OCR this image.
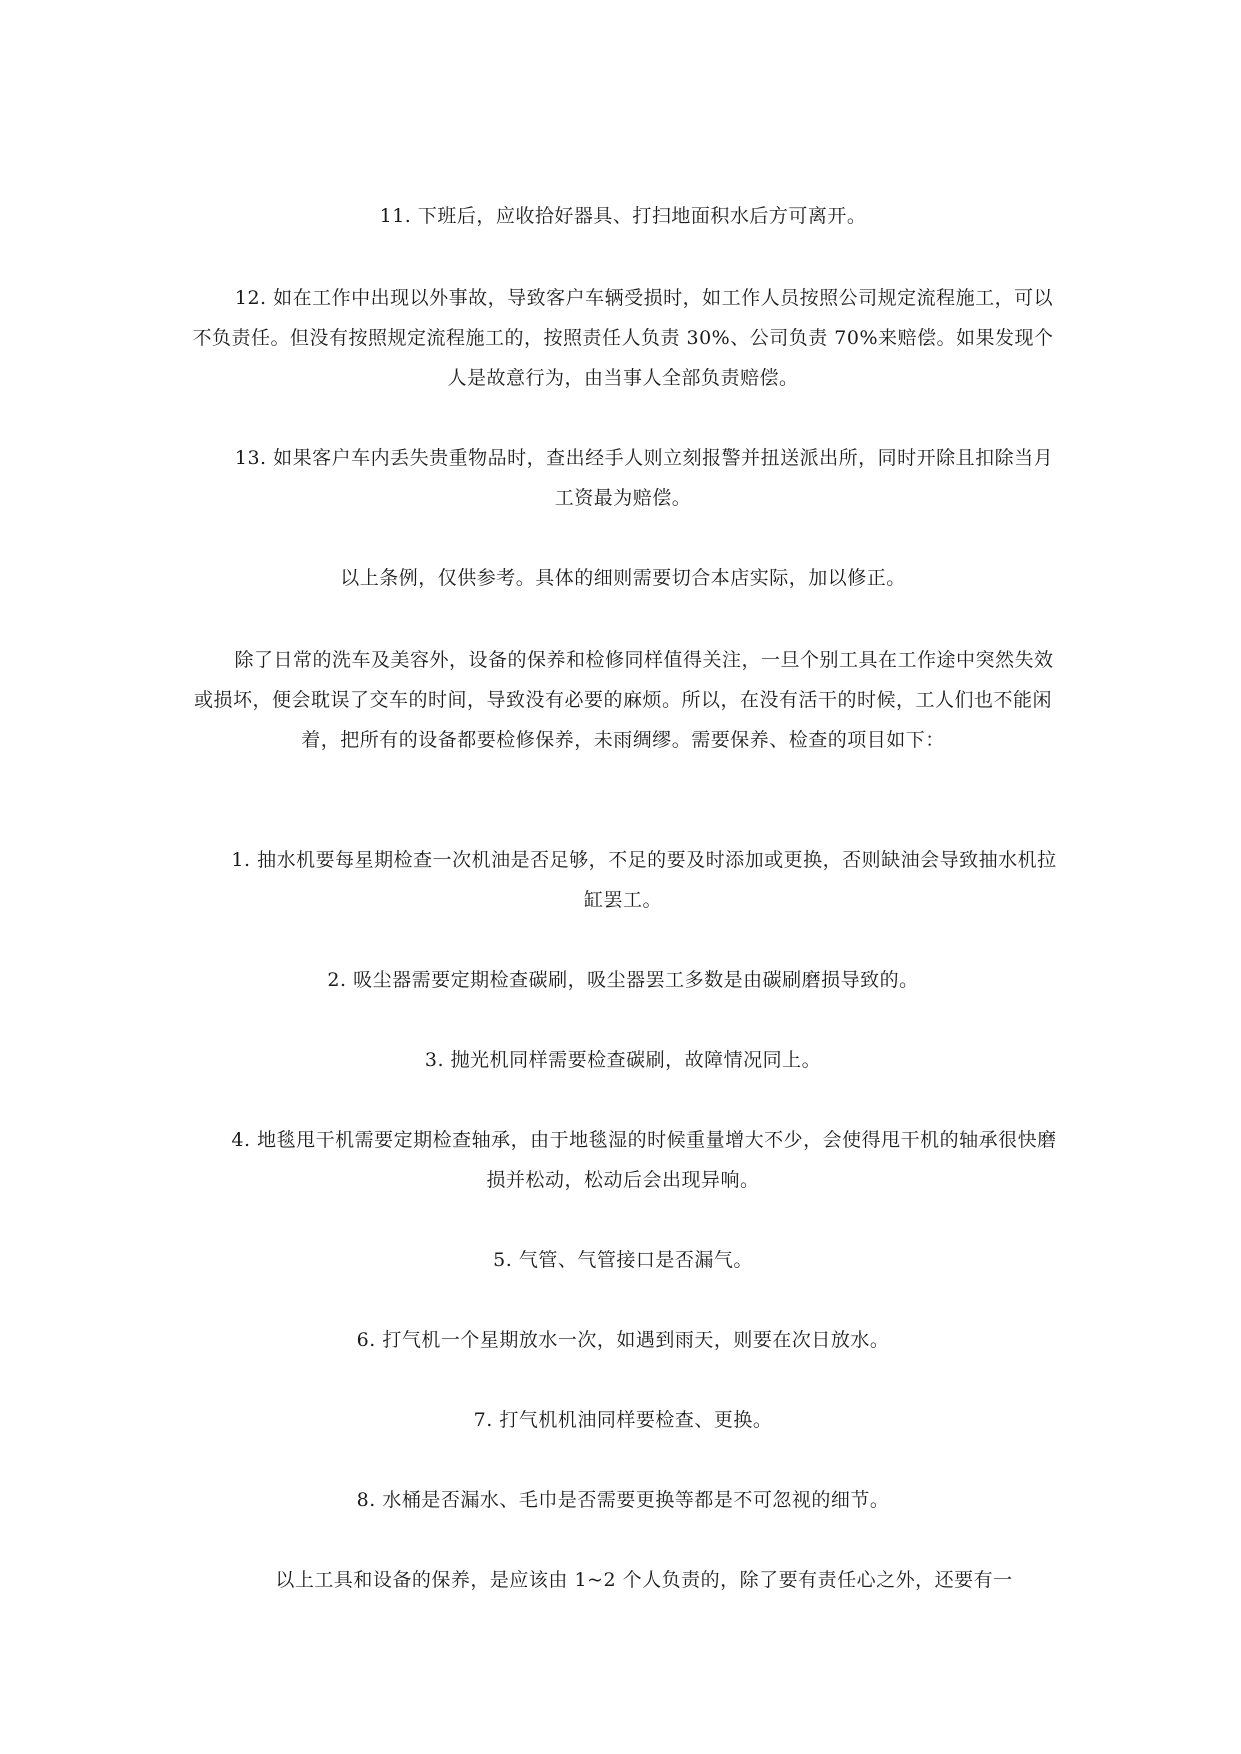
11. 下班后，应收拾好器具、打扫地面积水后方可离开。

12. 如在工作中出现以外事故，导致客户车辆受损时，如工作人员按照公司规定流程施工，可以不负责任。但没有按照规定流程施工的，按照责任人负责 30%、公司负责 70%来赔偿。如果发现个人是故意行为，由当事人全部负责赔偿。

13. 如果客户车内丢失贵重物品时，查出经手人则立刻报警并扭送派出所，同时开除且扣除当月工资最为赔偿。

以上条例，仅供参考。具体的细则需要切合本店实际，加以修正。

除了日常的洗车及美容外，设备的保养和检修同样值得关注，一旦个别工具在工作途中突然失效或损坏，便会耽误了交车的时间，导致没有必要的麻烦。所以，在没有活干的时候，工人们也不能闲着，把所有的设备都要检修保养，未雨绸缪。需要保养、检查的项目如下：

1. 抽水机要每星期检查一次机油是否足够，不足的要及时添加或更换，否则缺油会导致抽水机拉缸罢工。

2. 吸尘器需要定期检查碳刷，吸尘器罢工多数是由碳刷磨损导致的。

3. 抛光机同样需要检查碳刷，故障情况同上。

4. 地毯甩干机需要定期检查轴承，由于地毯湿的时候重量增大不少，会使得甩干机的轴承很快磨损并松动，松动后会出现异响。

5. 气管、气管接口是否漏气。

6. 打气机一个星期放水一次，如遇到雨天，则要在次日放水。

7. 打气机机油同样要检查、更换。

8. 水桶是否漏水、毛巾是否需要更换等都是不可忽视的细节。

以上工具和设备的保养，是应该由 1~2 个人负责的，除了要有责任心之外，还要有一
